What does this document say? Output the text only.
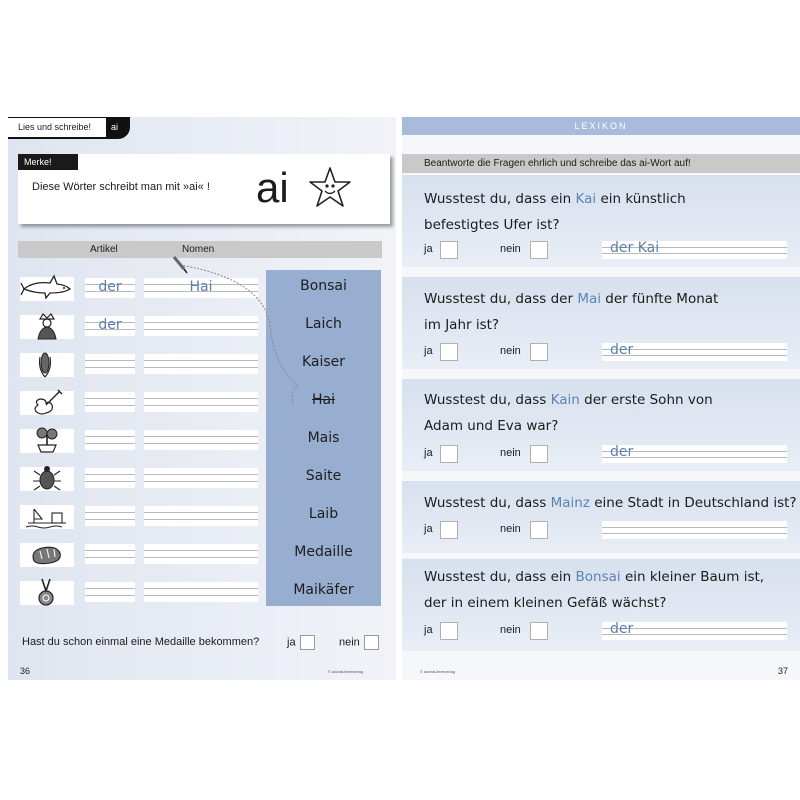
Lies und schreibe!	ai
Merke!
Diese Wörter schreibt man mit »ai« ! ai
Artikel	Nomen
der	Hai
der
Bonsai
Laich
Kaiser
Hai
Mais
Saite
Laib
Medaille
Maikäfer
Hast du schon einmal eine Medaille bekommen?	ja	nein
36	© adoraLitemverlag
LEXIKON
Beantworte die Fragen ehrlich und schreibe das ai-Wort auf!
Wusstest du, dass ein Kai ein künstlich
befestigtes Ufer ist?
ja	nein	der Kai
Wusstest du, dass der Mai der fünfte Monat
im Jahr ist?
ja	nein	der
Wusstest du, dass Kain der erste Sohn von
Adam und Eva war?
ja	nein	der
Wusstest du, dass Mainz eine Stadt in Deutschland ist?
ja	nein
Wusstest du, dass ein Bonsai ein kleiner Baum ist,
der in einem kleinen Gefäß wächst?
ja	nein	der
© adoraLitemverlag	37
